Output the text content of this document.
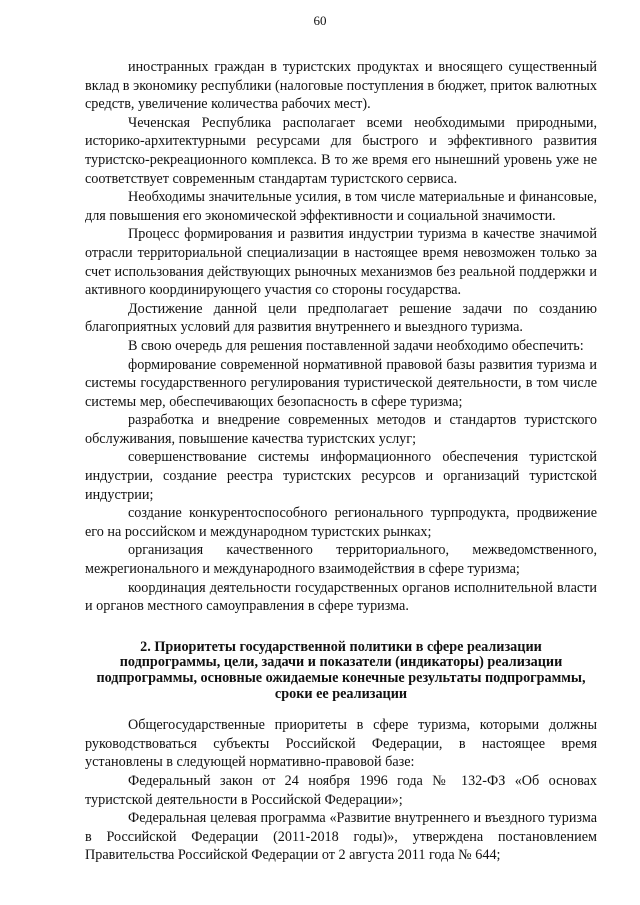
60

иностранных граждан в туристских продуктах и вносящего существенный вклад в экономику республики (налоговые поступления в бюджет, приток валютных средств, увеличение количества рабочих мест).

Чеченская Республика располагает всеми необходимыми природными, историко-архитектурными ресурсами для быстрого и эффективного развития туристско-рекреационного комплекса. В то же время его нынешний уровень уже не соответствует современным стандартам туристского сервиса.

Необходимы значительные усилия, в том числе материальные и финансовые, для повышения его экономической эффективности и социальной значимости.

Процесс формирования и развития индустрии туризма в качестве значимой отрасли территориальной специализации в настоящее время невозможен только за счет использования действующих рыночных механизмов без реальной поддержки и активного координирующего участия со стороны государства.

Достижение данной цели предполагает решение задачи по созданию благоприятных условий для развития внутреннего и выездного туризма.

В свою очередь для решения поставленной задачи необходимо обеспечить:

формирование современной нормативной правовой базы развития туризма и системы государственного регулирования туристической деятельности, в том числе системы мер, обеспечивающих безопасность в сфере туризма;

разработка и внедрение современных методов и стандартов туристского обслуживания, повышение качества туристских услуг;

совершенствование системы информационного обеспечения туристской индустрии, создание реестра туристских ресурсов и организаций туристской индустрии;

создание конкурентоспособного регионального турпродукта, продвижение его на российском и международном туристских рынках;

организация качественного территориального, межведомственного, межрегионального и международного взаимодействия в сфере туризма;

координация деятельности государственных органов исполнительной власти и органов местного самоуправления в сфере туризма.

2. Приоритеты государственной политики в сфере реализации подпрограммы, цели, задачи и показатели (индикаторы) реализации подпрограммы, основные ожидаемые конечные результаты подпрограммы, сроки ее реализации

Общегосударственные приоритеты в сфере туризма, которыми должны руководствоваться субъекты Российской Федерации, в настоящее время установлены в следующей нормативно-правовой базе:

Федеральный закон от 24 ноября 1996 года № 132-ФЗ «Об основах туристской деятельности в Российской Федерации»;

Федеральная целевая программа «Развитие внутреннего и въездного туризма в Российской Федерации (2011-2018 годы)», утверждена постановлением Правительства Российской Федерации от 2 августа 2011 года № 644;
